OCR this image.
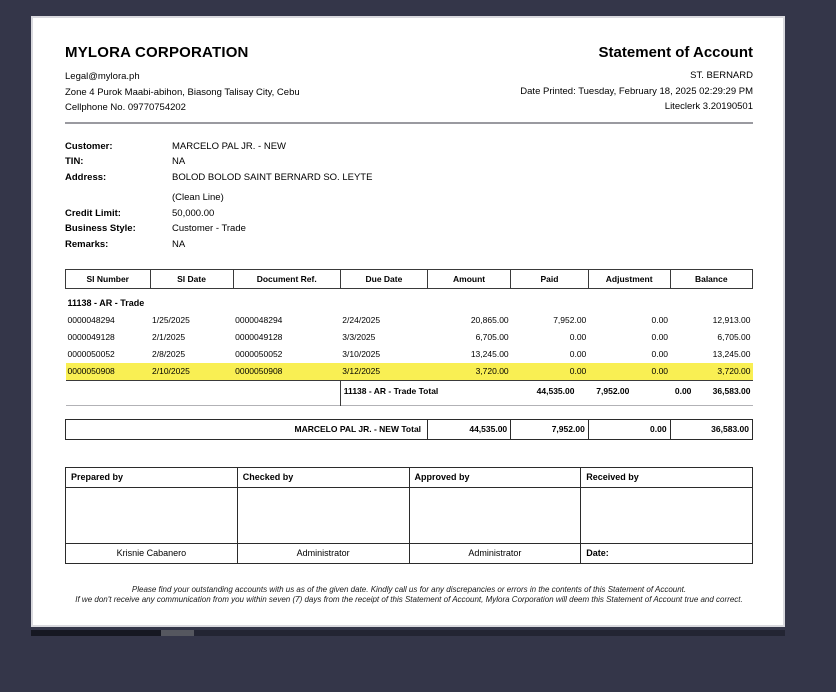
MYLORA CORPORATION
Legal@mylora.ph
Zone 4 Purok Maabi-abihon, Biasong Talisay City, Cebu
Cellphone No. 09770754202
Statement of Account
ST. BERNARD
Date Printed: Tuesday, February 18, 2025 02:29:29 PM
Liteclerk 3.20190501
Customer:	MARCELO PAL JR. - NEW
TIN:	NA
Address:	BOLOD BOLOD SAINT BERNARD SO. LEYTE
(Clean Line)
Credit Limit:	50,000.00
Business Style:	Customer - Trade
Remarks:	NA
SI Number	SI Date	Document Ref.	Due Date	Amount	Paid	Adjustment	Balance
11138 - AR - Trade							
0000048294	1/25/2025	0000048294	2/24/2025	20,865.00	7,952.00	0.00	12,913.00
0000049128	2/1/2025	0000049128	3/3/2025	6,705.00	0.00	0.00	6,705.00
0000050052	2/8/2025	0000050052	3/10/2025	13,245.00	0.00	0.00	13,245.00
0000050908	2/10/2025	0000050908	3/12/2025	3,720.00	0.00	0.00	3,720.00
			11138 - AR - Trade Total		44,535.00	7,952.00	0.00 36,583.00

MARCELO PAL JR. - NEW Total	44,535.00	7,952.00	0.00	36,583.00
Prepared by	Checked by	Approved by	Received by

Krisnie Cabanero	Administrator	Administrator	Date:
Please find your outstanding accounts with us as of the given date. Kindly call us for any discrepancies or errors in the contents of this Statement of Account.
If we don't receive any communication from you within seven (7) days from the receipt of this Statement of Account, Mylora Corporation will deem this Statement of Account true and correct.
